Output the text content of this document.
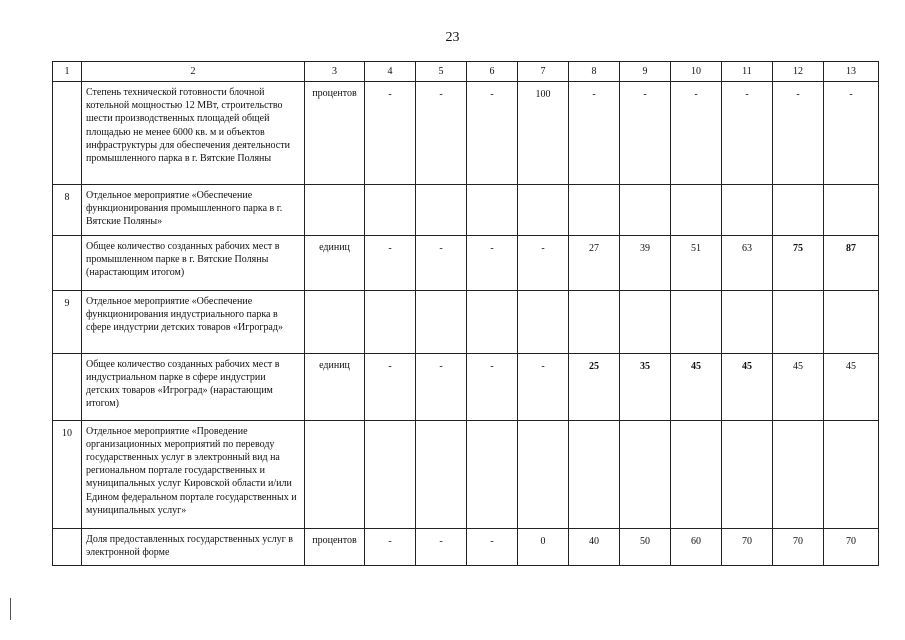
23
1	2	3	4	5	6	7	8	9	10	11	12	13
	Степень технической готовности блочной котельной мощностью 12 МВт, строительство шести производственных площадей общей площадью не менее 6000 кв. м и объектов инфраструктуры для обеспечения деятельности промышленного парка в г. Вятские Поляны	процентов	-	-	-	100	-	-	-	-	-	-
8	Отдельное мероприятие «Обеспечение функционирования промышленного парка в г. Вятские Поляны»											
	Общее количество созданных рабочих мест в промышленном парке в г. Вятские Поляны (нарастающим итогом)	единиц	-	-	-	-	27	39	51	63	75	87
9	Отдельное мероприятие «Обеспечение функционирования индустриального парка в сфере индустрии детских товаров «Игроград»											
	Общее количество созданных рабочих мест в индустриальном парке в сфере индустрии детских товаров «Игроград» (нарастающим итогом)	единиц	-	-	-	-	25	35	45	45	45	45
10	Отдельное мероприятие «Проведение организационных мероприятий по переводу государственных услуг в электронный вид на региональном портале государственных и муниципальных услуг Кировской области и/или Едином федеральном портале государственных и муниципальных услуг»											
	Доля предоставленных государственных услуг в электронной форме	процентов	-	-	-	0	40	50	60	70	70	70
